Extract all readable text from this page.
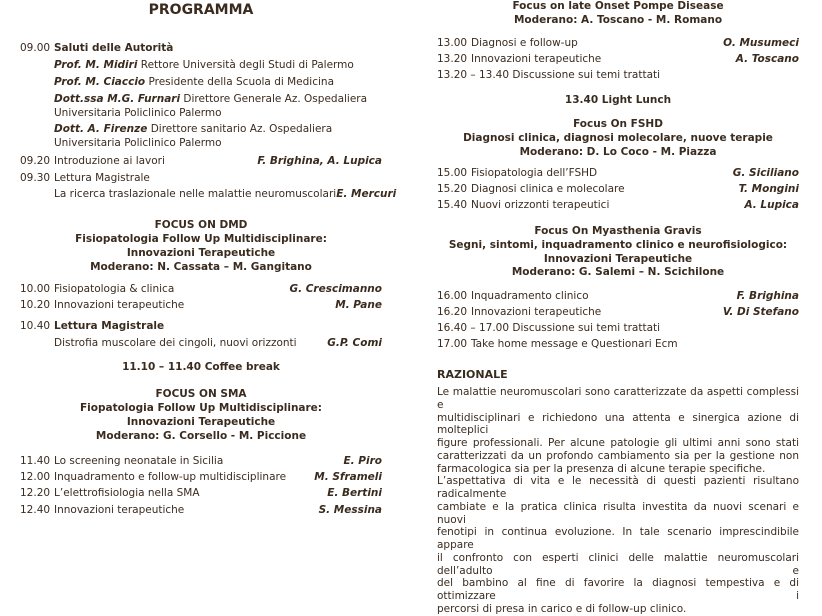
PROGRAMMA
09.00 Saluti delle Autorità
Prof. M. Midiri Rettore Università degli Studi di Palermo
Prof. M. Ciaccio Presidente della Scuola di Medicina
Dott.ssa M.G. Furnari Direttore Generale Az. Ospedaliera
Universitaria Policlinico Palermo
Dott. A. Firenze Direttore sanitario Az. Ospedaliera
Universitaria Policlinico Palermo
09.20 Introduzione ai lavori	F. Brighina, A. Lupica
09.30 Lettura Magistrale
La ricerca traslazionale nelle malattie neuromuscolari E. Mercuri
FOCUS ON DMD
Fisiopatologia Follow Up Multidisciplinare:
Innovazioni Terapeutiche
Moderano: N. Cassata – M. Gangitano
10.00 Fisiopatologia & clinica	G. Crescimanno
10.20 Innovazioni terapeutiche	M. Pane
10.40 Lettura Magistrale
Distrofia muscolare dei cingoli, nuovi orizzonti	G.P. Comi
11.10 – 11.40 Coffee break
FOCUS ON SMA
Fiopatologia Follow Up Multidisciplinare:
Innovazioni Terapeutiche
Moderano: G. Corsello - M. Piccione
11.40 Lo screening neonatale in Sicilia	E. Piro
12.00 Inquadramento e follow-up multidisciplinare	M. Sframeli
12.20 L’elettrofisiologia nella SMA	E. Bertini
12.40 Innovazioni terapeutiche	S. Messina
Focus on late Onset Pompe Disease
Moderano: A. Toscano - M. Romano
13.00 Diagnosi e follow-up	O. Musumeci
13.20 Innovazioni terapeutiche	A. Toscano
13.20 – 13.40 Discussione sui temi trattati
13.40 Light Lunch
Focus On FSHD
Diagnosi clinica, diagnosi molecolare, nuove terapie
Moderano: D. Lo Coco - M. Piazza
15.00 Fisiopatologia dell’FSHD	G. Siciliano
15.20 Diagnosi clinica e molecolare	T. Mongini
15.40 Nuovi orizzonti terapeutici	A. Lupica
Focus On Myasthenia Gravis
Segni, sintomi, inquadramento clinico e neurofisiologico:
Innovazioni Terapeutiche
Moderano: G. Salemi – N. Scichilone
16.00 Inquadramento clinico	F. Brighina
16.20 Innovazioni terapeutiche	V. Di Stefano
16.40 – 17.00 Discussione sui temi trattati
17.00 Take home message e Questionari Ecm
RAZIONALE
Le malattie neuromuscolari sono caratterizzate da aspetti complessi e
multidisciplinari e richiedono una attenta e sinergica azione di molteplici
figure professionali. Per alcune patologie gli ultimi anni sono stati
caratterizzati da un profondo cambiamento sia per la gestione non
farmacologica sia per la presenza di alcune terapie specifiche.
L’aspettativa di vita e le necessità di questi pazienti risultano radicalmente
cambiate e la pratica clinica risulta investita da nuovi scenari e nuovi
fenotipi in continua evoluzione. In tale scenario imprescindibile appare
il confronto con esperti clinici delle malattie neuromuscolari dell’adulto e
del bambino al fine di favorire la diagnosi tempestiva e di ottimizzare i
percorsi di presa in carico e di follow-up clinico.
